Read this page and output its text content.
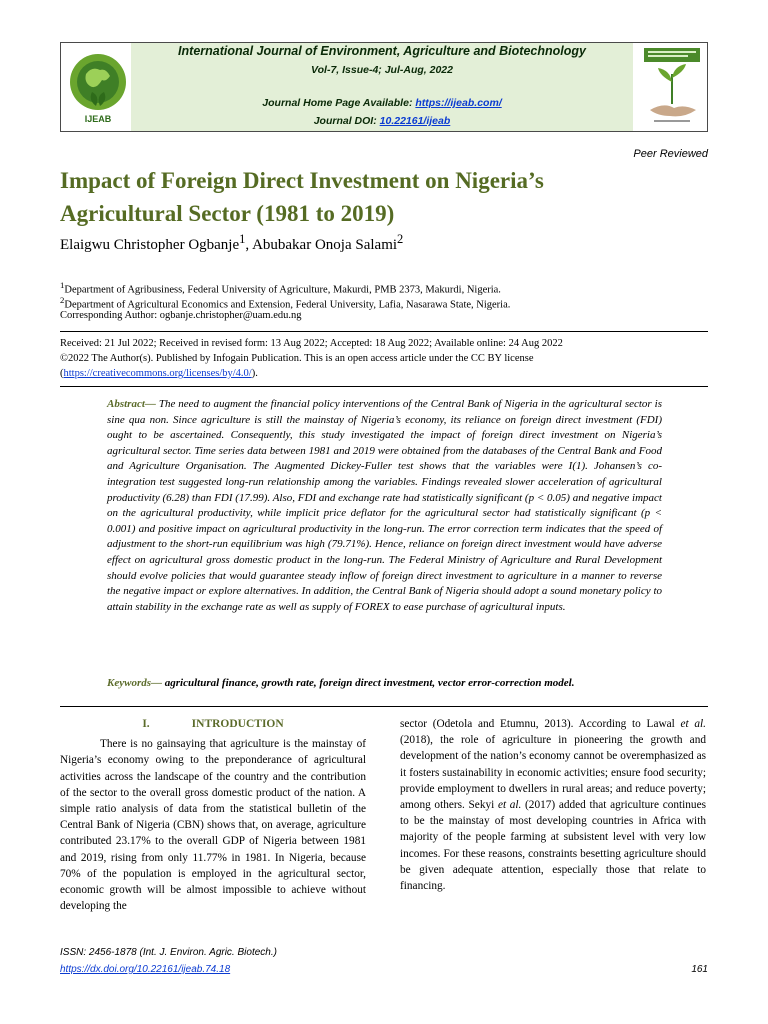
IJEAB
International Journal of Environment, Agriculture and Biotechnology
Vol-7, Issue-4; Jul-Aug, 2022
Journal Home Page Available: https://ijeab.com/
Journal DOI: 10.22161/ijeab
Peer Reviewed
Impact of Foreign Direct Investment on Nigeria’s
Agricultural Sector (1981 to 2019)
Elaigwu Christopher Ogbanje$^1$, Abubakar Onoja Salami$^2$
$^1$Department of Agribusiness, Federal University of Agriculture, Makurdi, PMB 2373, Makurdi, Nigeria.
$^2$Department of Agricultural Economics and Extension, Federal University, Lafia, Nasarawa State, Nigeria.
Corresponding Author: ogbanje.christopher@uam.edu.ng
Received: 21 Jul 2022; Received in revised form: 13 Aug 2022; Accepted: 18 Aug 2022; Available online: 24 Aug 2022
©2022 The Author(s). Published by Infogain Publication. This is an open access article under the CC BY license
(https://creativecommons.org/licenses/by/4.0/).

Abstract— The need to augment the financial policy interventions of the Central Bank of Nigeria in the agricultural sector is sine qua non. Since agriculture is still the mainstay of Nigeria’s economy, its reliance on foreign direct investment (FDI) ought to be ascertained. Consequently, this study investigated the impact of foreign direct investment on Nigeria’s agricultural sector. Time series data between 1981 and 2019 were obtained from the databases of the Central Bank and Food and Agriculture Organisation. The Augmented Dickey-Fuller test shows that the variables were I(1). Johansen’s co-integration test suggested long-run relationship among the variables. Findings revealed slower acceleration of agricultural productivity (6.28) than FDI (17.99). Also, FDI and exchange rate had statistically significant (p < 0.05) and negative impact on the agricultural productivity, while implicit price deflator for the agricultural sector had statistically significant (p < 0.001) and positive impact on agricultural productivity in the long-run. The error correction term indicates that the speed of adjustment to the short-run equilibrium was high (79.71%). Hence, reliance on foreign direct investment would have adverse effect on agricultural gross domestic product in the long-run. The Federal Ministry of Agriculture and Rural Development should evolve policies that would guarantee steady inflow of foreign direct investment to agriculture in a manner to reverse the negative impact or explore alternatives. In addition, the Central Bank of Nigeria should adopt a sound monetary policy to attain stability in the exchange rate as well as supply of FOREX to ease purchase of agricultural inputs.

Keywords— agricultural finance, growth rate, foreign direct investment, vector error-correction model.

I.	INTRODUCTION

There is no gainsaying that agriculture is the mainstay of Nigeria’s economy owing to the preponderance of agricultural activities across the landscape of the country and the contribution of the sector to the overall gross domestic product of the nation. A simple ratio analysis of data from the statistical bulletin of the Central Bank of Nigeria (CBN) shows that, on average, agriculture contributed 23.17% to the overall GDP of Nigeria between 1981 and 2019, rising from only 11.77% in 1981. In Nigeria, because 70% of the population is employed in the agricultural sector, economic growth will be almost impossible to achieve without developing the

sector (Odetola and Etumnu, 2013). According to Lawal et al. (2018), the role of agriculture in pioneering the growth and development of the nation’s economy cannot be overemphasized as it fosters sustainability in economic activities; ensure food security; provide employment to dwellers in rural areas; and reduce poverty; among others. Sekyi et al. (2017) added that agriculture continues to be the mainstay of most developing countries in Africa with majority of the people farming at subsistent level with very low incomes. For these reasons, constraints besetting agriculture should be given adequate attention, especially those that relate to financing.

ISSN: 2456-1878 (Int. J. Environ. Agric. Biotech.)
https://dx.doi.org/10.22161/ijeab.74.18	161
